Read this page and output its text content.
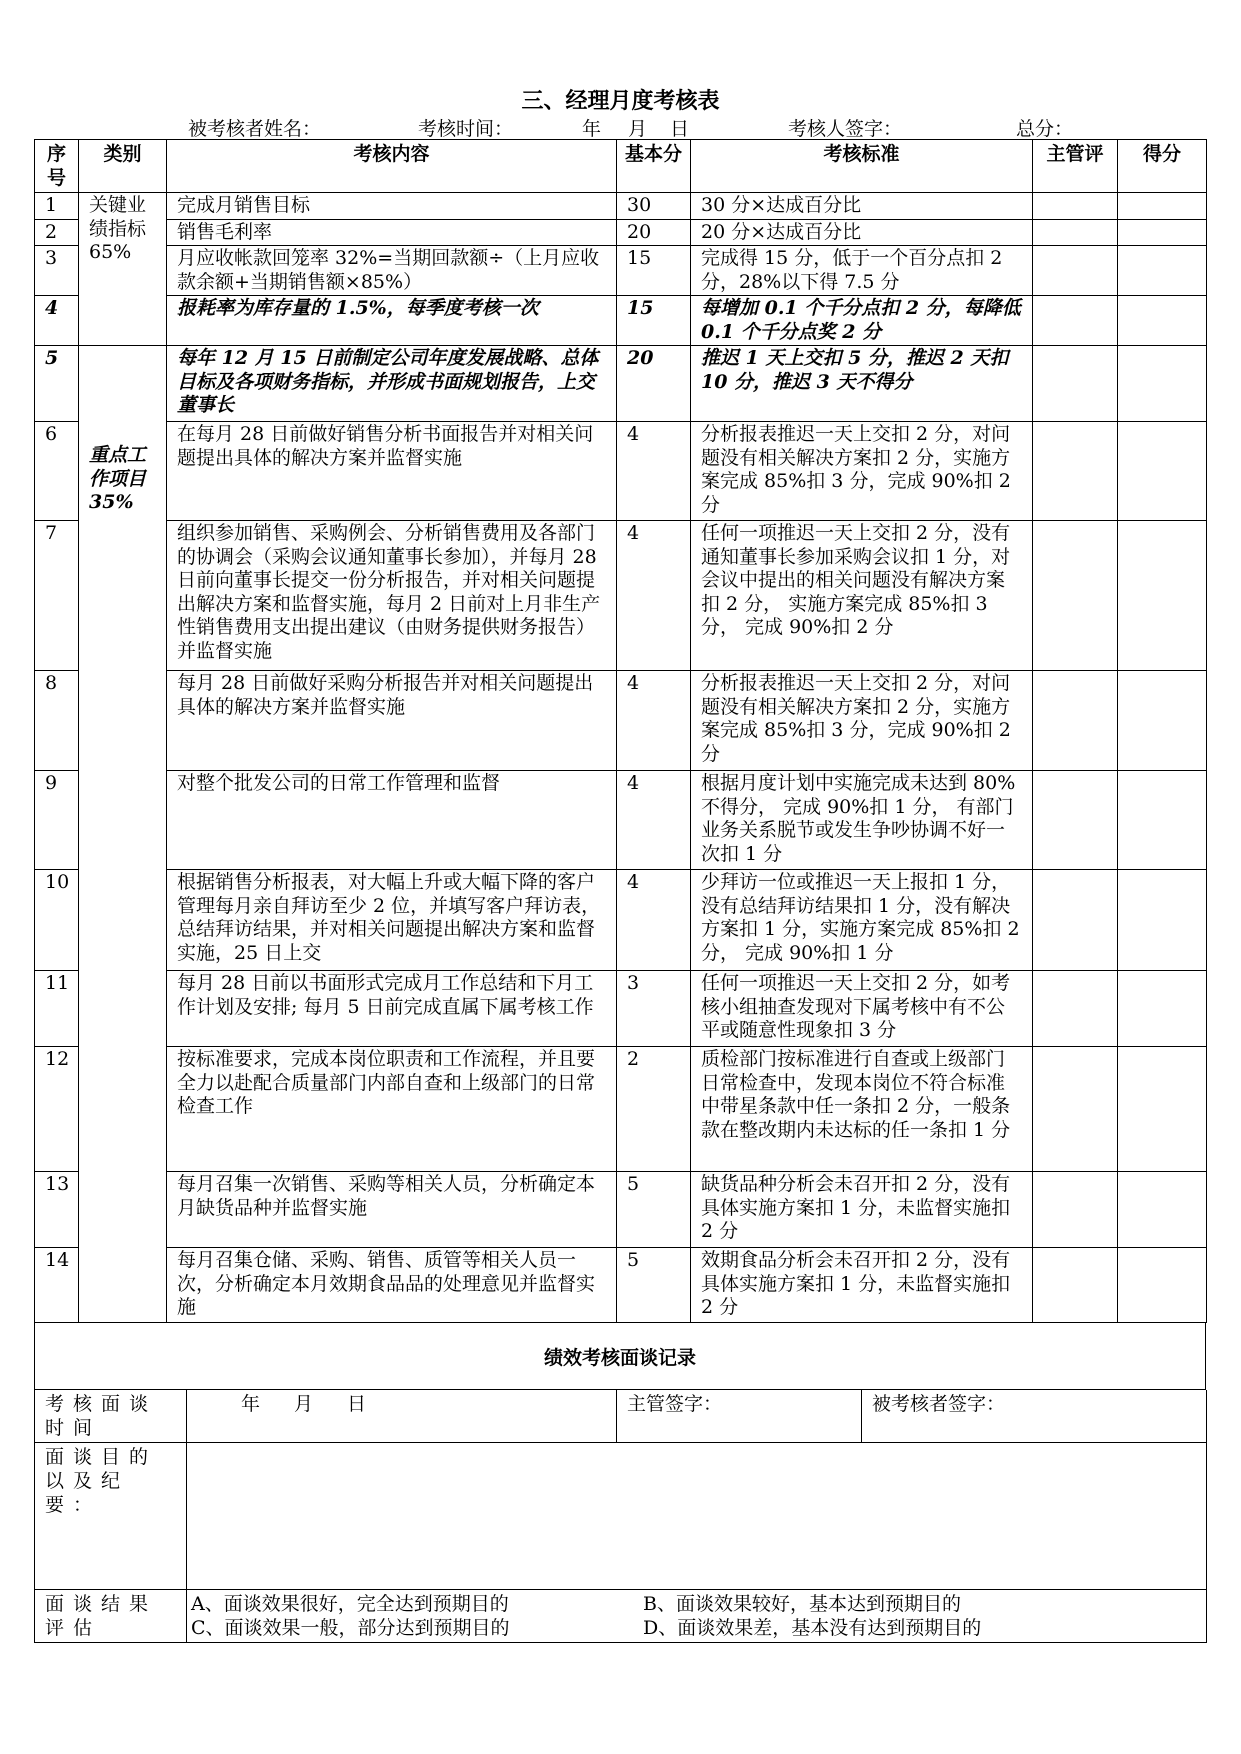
三、经理月度考核表
被考核者姓名：	考核时间：	年 月 日	考核人签字：	总分：
序号	类别	考核内容	基本分	考核标准	主管评	得分
1	关键业绩指标65%	完成月销售目标	30	30 分×达成百分比		
2		销售毛利率	20	20 分×达成百分比		
3		月应收帐款回笼率 32%=当期回款额÷（上月应收款余额+当期销售额×85%）	15	完成得 15 分，低于一个百分点扣 2 分，28%以下得 7.5 分		
4		报耗率为库存量的 1.5%，每季度考核一次	15	每增加 0.1 个千分点扣 2 分，每降低 0.1 个千分点奖 2 分		
5	重点工作项目35%	每年 12 月 15 日前制定公司年度发展战略、总体目标及各项财务指标，并形成书面规划报告，上交董事长	20	推迟 1 天上交扣 5 分，推迟 2 天扣 10 分，推迟 3 天不得分		
6		在每月 28 日前做好销售分析书面报告并对相关问题提出具体的解决方案并监督实施	4	分析报表推迟一天上交扣 2 分，对问题没有相关解决方案扣 2 分，实施方案完成 85%扣 3 分，完成 90%扣 2 分		
7		组织参加销售、采购例会、分析销售费用及各部门的协调会（采购会议通知董事长参加），并每月 28 日前向董事长提交一份分析报告，并对相关问题提出解决方案和监督实施，每月 2 日前对上月非生产性销售费用支出提出建议（由财务提供财务报告）并监督实施	4	任何一项推迟一天上交扣 2 分，没有通知董事长参加采购会议扣 1 分，对会议中提出的相关问题没有解决方案扣 2 分， 实施方案完成 85%扣 3 分， 完成 90%扣 2 分		
8		每月 28 日前做好采购分析报告并对相关问题提出具体的解决方案并监督实施	4	分析报表推迟一天上交扣 2 分，对问题没有相关解决方案扣 2 分，实施方案完成 85%扣 3 分，完成 90%扣 2 分		
9		对整个批发公司的日常工作管理和监督	4	根据月度计划中实施完成未达到 80%不得分， 完成 90%扣 1 分， 有部门业务关系脱节或发生争吵协调不好一次扣 1 分		
10		根据销售分析报表，对大幅上升或大幅下降的客户管理每月亲自拜访至少 2 位，并填写客户拜访表，总结拜访结果，并对相关问题提出解决方案和监督实施，25 日上交	4	少拜访一位或推迟一天上报扣 1 分，没有总结拜访结果扣 1 分，没有解决方案扣 1 分，实施方案完成 85%扣 2 分， 完成 90%扣 1 分		
11		每月 28 日前以书面形式完成月工作总结和下月工作计划及安排; 每月 5 日前完成直属下属考核工作	3	任何一项推迟一天上交扣 2 分，如考核小组抽查发现对下属考核中有不公平或随意性现象扣 3 分		
12		按标准要求，完成本岗位职责和工作流程，并且要全力以赴配合质量部门内部自查和上级部门的日常检查工作	2	质检部门按标准进行自查或上级部门日常检查中，发现本岗位不符合标准中带星条款中任一条扣 2 分，一般条款在整改期内未达标的任一条扣 1 分		
13		每月召集一次销售、采购等相关人员，分析确定本月缺货品种并监督实施	5	缺货品种分析会未召开扣 2 分，没有具体实施方案扣 1 分，未监督实施扣 2 分		
14		每月召集仓储、采购、销售、质管等相关人员一次，分析确定本月效期食品品的处理意见并监督实施	5	效期食品分析会未召开扣 2 分，没有具体实施方案扣 1 分，未监督实施扣 2 分		
绩效考核面谈记录
考核面谈时间	年 月 日	主管签字：	被考核者签字：
面谈目的以及纪要：			
面谈结果评估	A、面谈效果很好，完全达到预期目的 B、面谈效果较好，基本达到预期目的
C、面谈效果一般，部分达到预期目的 D、面谈效果差，基本没有达到预期目的		
